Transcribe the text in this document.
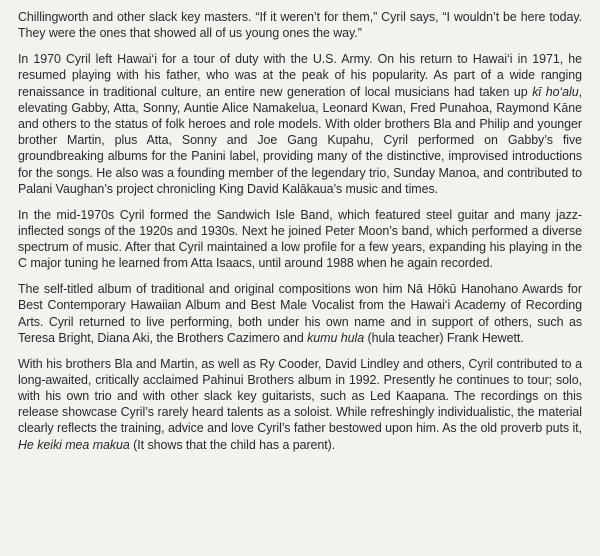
Chillingworth and other slack key masters. “If it weren’t for them,” Cyril says, “I wouldn’t be here today. They were the ones that showed all of us young ones the way.”

In 1970 Cyril left Hawai‘i for a tour of duty with the U.S. Army. On his return to Hawai‘i in 1971, he resumed playing with his father, who was at the peak of his popularity. As part of a wide ranging renaissance in traditional culture, an entire new generation of local musicians had taken up kī ho‘alu, elevating Gabby, Atta, Sonny, Auntie Alice Namakelua, Leonard Kwan, Fred Punahoa, Raymond Kāne and others to the status of folk heroes and role models. With older brothers Bla and Philip and younger brother Martin, plus Atta, Sonny and Joe Gang Kupahu, Cyril performed on Gabby’s five groundbreaking albums for the Panini label, providing many of the distinctive, improvised introductions for the songs. He also was a founding member of the legendary trio, Sunday Manoa, and contributed to Palani Vaughan’s project chronicling King David Kalākaua’s music and times.

In the mid-1970s Cyril formed the Sandwich Isle Band, which featured steel guitar and many jazz-inflected songs of the 1920s and 1930s. Next he joined Peter Moon’s band, which performed a diverse spectrum of music. After that Cyril maintained a low profile for a few years, expanding his playing in the C major tuning he learned from Atta Isaacs, until around 1988 when he again recorded.

The self-titled album of traditional and original compositions won him Nā Hōkū Hanohano Awards for Best Contemporary Hawaiian Album and Best Male Vocalist from the Hawai‘i Academy of Recording Arts. Cyril returned to live performing, both under his own name and in support of others, such as Teresa Bright, Diana Aki, the Brothers Cazimero and kumu hula (hula teacher) Frank Hewett.

With his brothers Bla and Martin, as well as Ry Cooder, David Lindley and others, Cyril contributed to a long-awaited, critically acclaimed Pahinui Brothers album in 1992. Presently he continues to tour; solo, with his own trio and with other slack key guitarists, such as Led Kaapana. The recordings on this release showcase Cyril’s rarely heard talents as a soloist. While refreshingly individualistic, the material clearly reflects the training, advice and love Cyril’s father bestowed upon him. As the old proverb puts it, He keiki mea makua (It shows that the child has a parent).
